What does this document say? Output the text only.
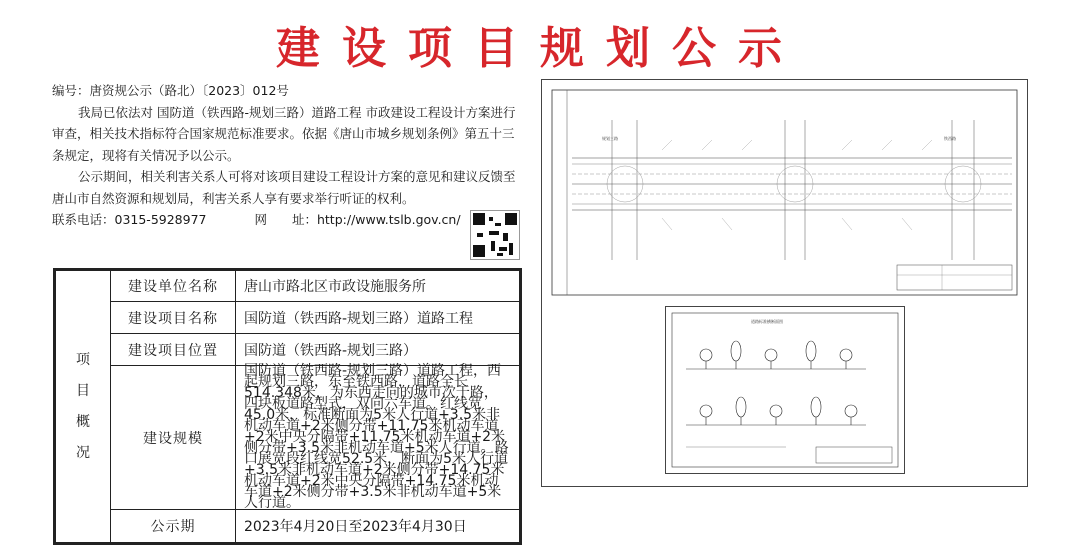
建设项目规划公示

编号：唐资规公示（路北）〔2023〕012号

我局已依法对 国防道（铁西路-规划三路）道路工程 市政建设工程设计方案进行审查，相关技术指标符合国家规范标准要求。依据《唐山市城乡规划条例》第五十三条规定，现将有关情况予以公示。

公示期间，相关利害关系人可将对该项目建设工程设计方案的意见和建议反馈至唐山市自然资源和规划局，利害关系人享有要求举行听证的权利。

联系电话：0315-5928977	网　　址：http://www.tslb.gov.cn/

项
目
概
况	建设单位名称	唐山市路北区市政设施服务所
	建设项目名称	国防道（铁西路-规划三路）道路工程
	建设项目位置	国防道（铁西路-规划三路）
	建设规模	国防道（铁西路-规划三路）道路工程，西起规划三路，东至铁西路，道路全长514.348米，为东西走向的城市次干路，四块板道路型式，双向六车道。红线宽45.0米，标准断面为5米人行道+3.5米非机动车道+2米侧分带+11.75米机动车道+2米中央分隔带+11.75米机动车道+2米侧分带+3.5米非机动车道+5米人行道。路口展宽段红线宽52.5米，断面为5米人行道+3.5米非机动车道+2米侧分带+14.75米机动车道+2米中央分隔带+14.75米机动车道+2米侧分带+3.5米非机动车道+5米人行道。
	公示期	2023年4月20日至2023年4月30日
规划三路	铁西路
道路标准横断面图
